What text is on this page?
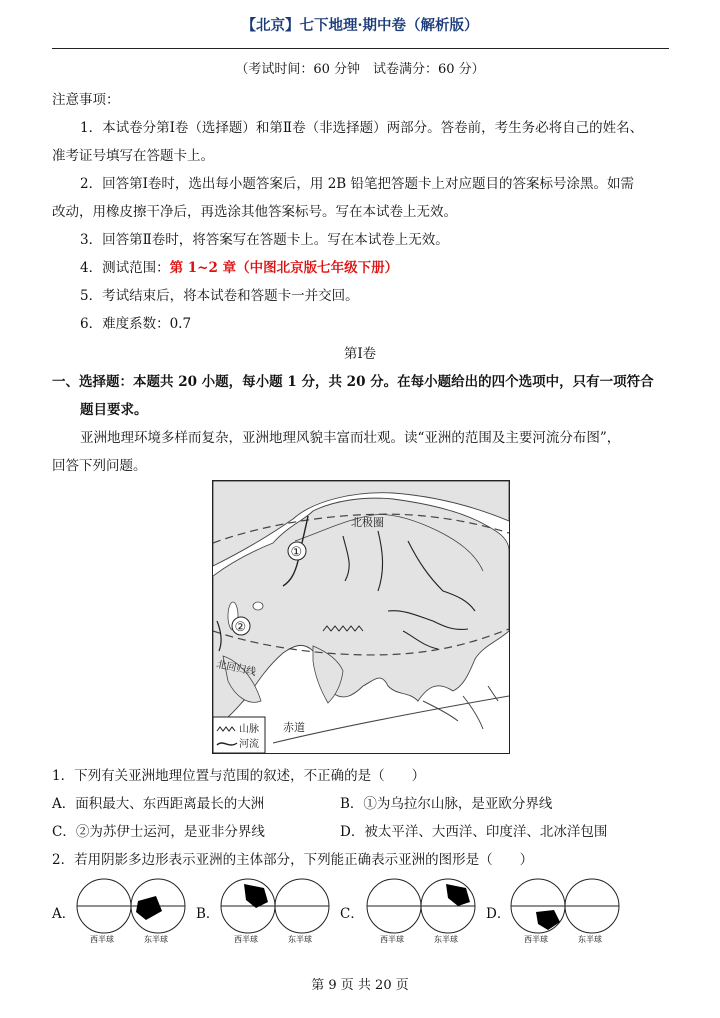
【北京】七下地理·期中卷（解析版）
（考试时间：60 分钟　试卷满分：60 分）
注意事项：
1．本试卷分第Ⅰ卷（选择题）和第Ⅱ卷（非选择题）两部分。答卷前，考生务必将自己的姓名、
准考证号填写在答题卡上。
2．回答第Ⅰ卷时，选出每小题答案后，用 2B 铅笔把答题卡上对应题目的答案标号涂黑。如需
改动，用橡皮擦干净后，再选涂其他答案标号。写在本试卷上无效。
3．回答第Ⅱ卷时，将答案写在答题卡上。写在本试卷上无效。
4．测试范围：第 1~2 章（中图北京版七年级下册）
5．考试结束后，将本试卷和答题卡一并交回。
6．难度系数：0.7
第Ⅰ卷
一、选择题：本题共 20 小题，每小题 1 分，共 20 分。在每小题给出的四个选项中，只有一项符合
题目要求。
亚洲地理环境多样而复杂，亚洲地理风貌丰富而壮观。读“亚洲的范围及主要河流分布图”，
回答下列问题。
北极圈
北回归线
赤道
①
②
山脉
河流
1．下列有关亚洲地理位置与范围的叙述，不正确的是（　　）
A．面积最大、东西距离最长的大洲	B．①为乌拉尔山脉，是亚欧分界线
C．②为苏伊士运河，是亚非分界线	D．被太平洋、大西洋、印度洋、北冰洋包围
2．若用阴影多边形表示亚洲的主体部分，下列能正确表示亚洲的图形是（　　）
A．	B．	C．	D．
西半球	东半球	西半球	东半球	西半球	东半球	西半球	东半球
第 9 页 共 20 页
